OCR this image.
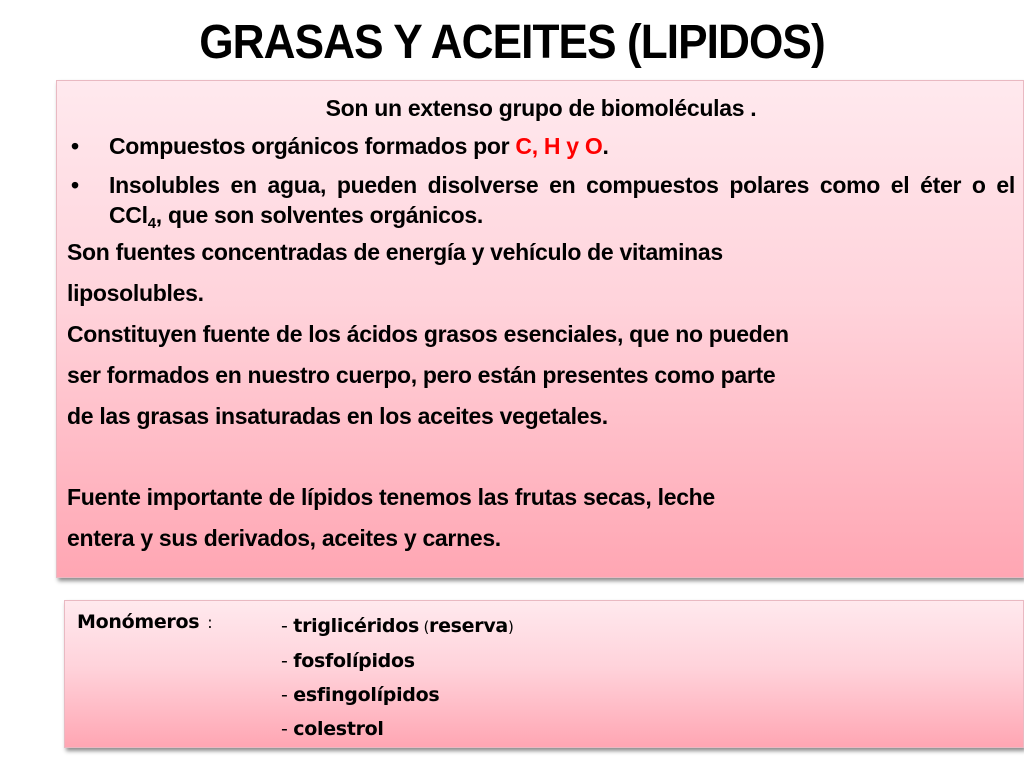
GRASAS Y ACEITES (LIPIDOS)

Son un extenso grupo de biomoléculas .

• Compuestos orgánicos formados por C, H y O.

• Insolubles en agua, pueden disolverse en compuestos polares como el éter o el CCl$_4$, que son solventes orgánicos.

Son fuentes concentradas de energía y vehículo de vitaminas

liposolubles.

Constituyen fuente de los ácidos grasos esenciales, que no pueden

ser formados en nuestro cuerpo, pero están presentes como parte

de las grasas insaturadas en los aceites vegetales.

Fuente importante de lípidos tenemos las frutas secas, leche

entera y sus derivados, aceites y carnes.

Monómeros :	- triglicéridos (reserva)
- fosfolípidos
- esfingolípidos
- colestrol
